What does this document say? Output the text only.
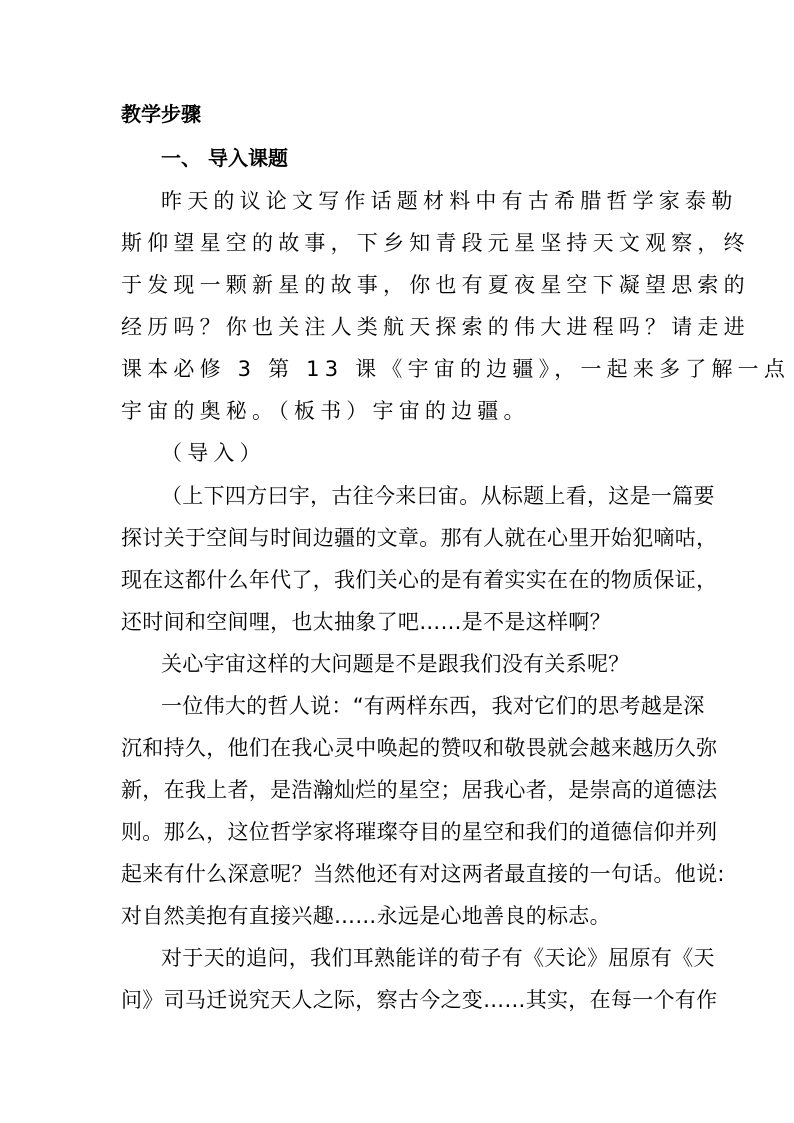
教学步骤
一、 导入课题
昨天的议论文写作话题材料中有古希腊哲学家泰勒
斯仰望星空的故事，下乡知青段元星坚持天文观察，终
于发现一颗新星的故事，你也有夏夜星空下凝望思索的
经历吗？你也关注人类航天探索的伟大进程吗？请走进
课本必修 3 第 13 课《宇宙的边疆》，一起来多了解一点
宇宙的奥秘。（板书）宇宙的边疆。
（导入）
（上下四方曰宇，古往今来曰宙。从标题上看，这是一篇要
探讨关于空间与时间边疆的文章。那有人就在心里开始犯嘀咕，
现在这都什么年代了，我们关心的是有着实实在在的物质保证，
还时间和空间哩，也太抽象了吧……是不是这样啊？
关心宇宙这样的大问题是不是跟我们没有关系呢？
一位伟大的哲人说：“有两样东西，我对它们的思考越是深
沉和持久，他们在我心灵中唤起的赞叹和敬畏就会越来越历久弥
新，在我上者，是浩瀚灿烂的星空；居我心者，是崇高的道德法
则。那么，这位哲学家将璀璨夺目的星空和我们的道德信仰并列
起来有什么深意呢？当然他还有对这两者最直接的一句话。他说:
对自然美抱有直接兴趣……永远是心地善良的标志。
对于天的追问，我们耳熟能详的荀子有《天论》屈原有《天
问》司马迁说究天人之际，察古今之变……其实，在每一个有作
